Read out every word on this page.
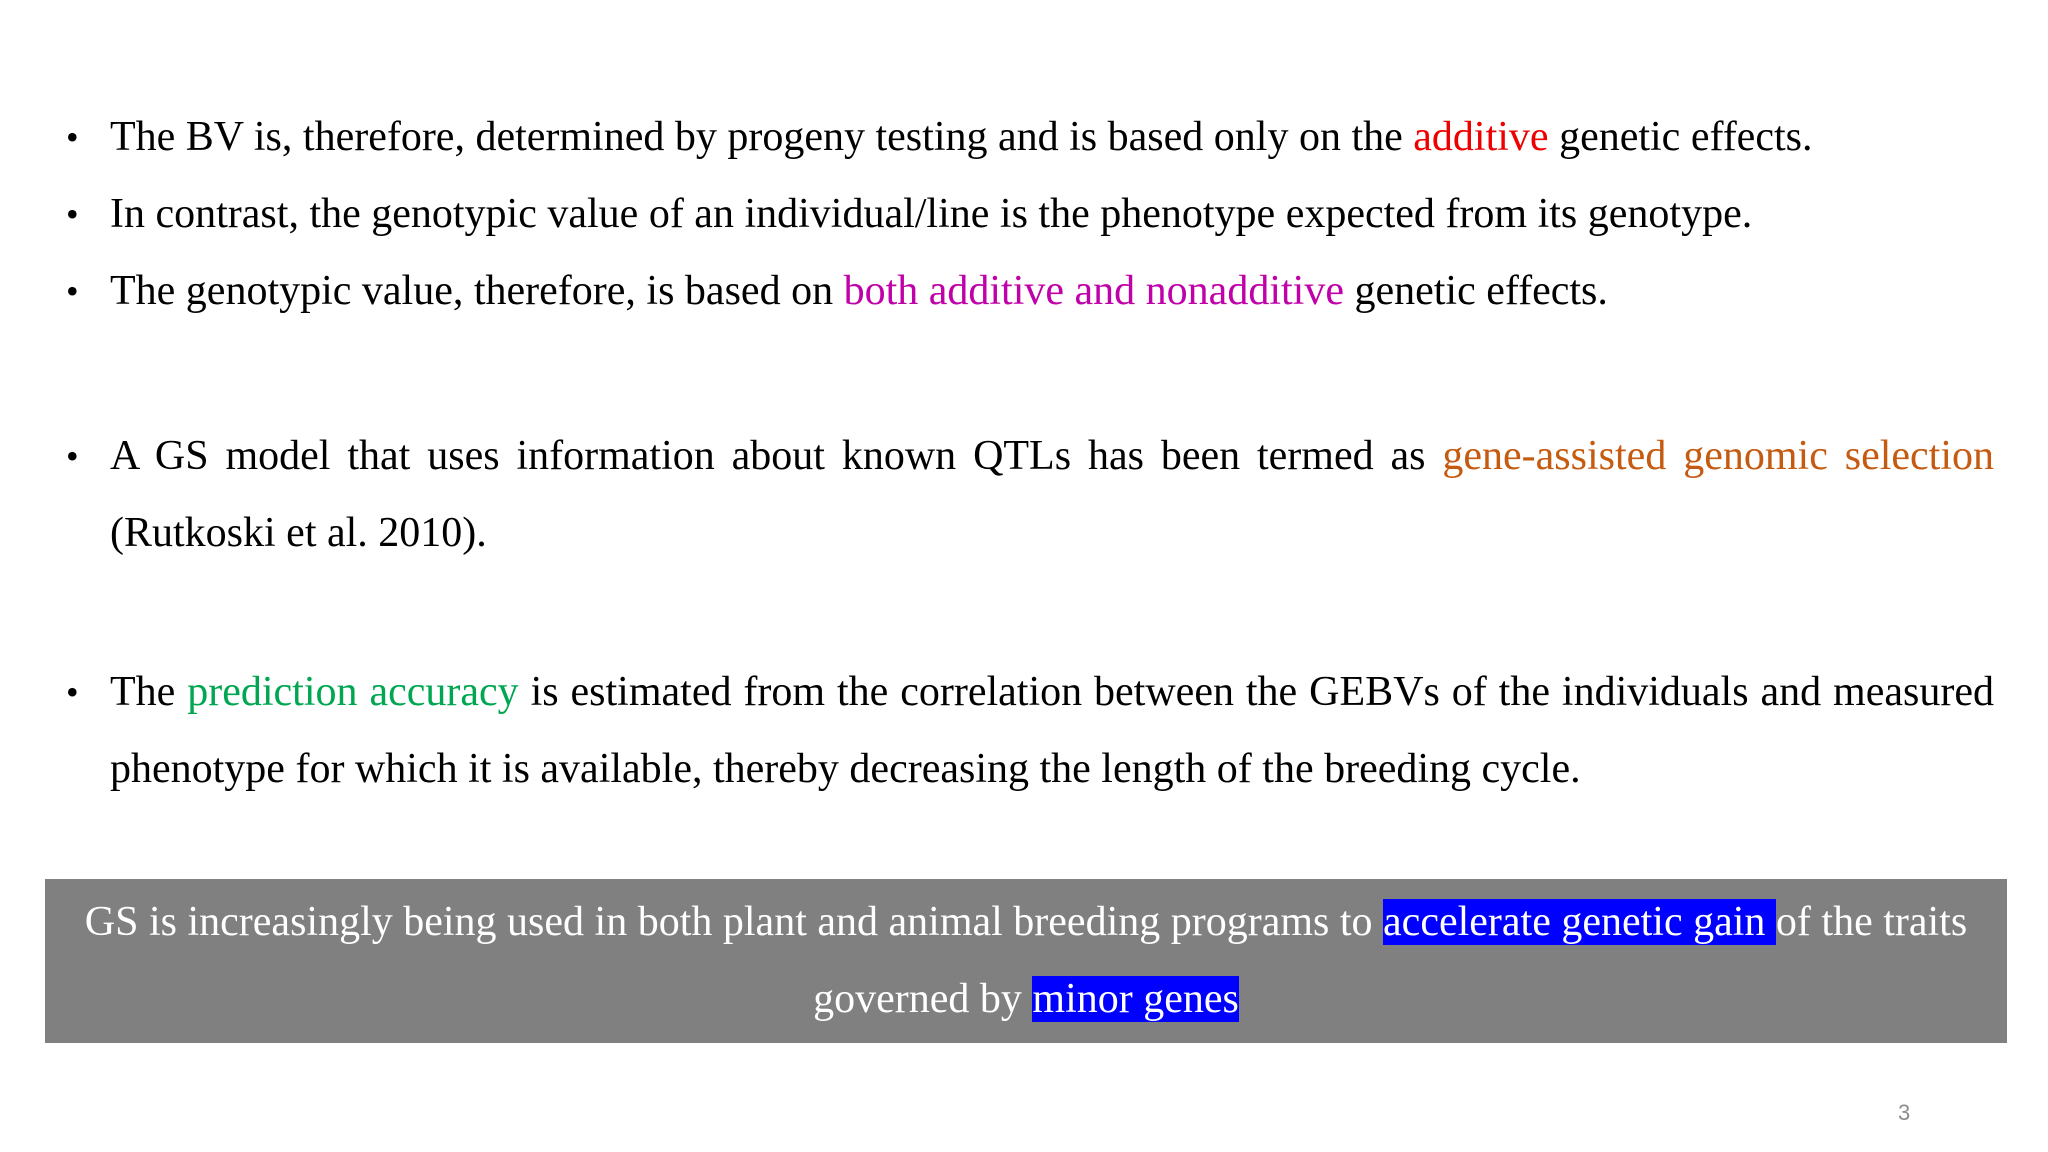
• The BV is, therefore, determined by progeny testing and is based only on the additive genetic effects.
• In contrast, the genotypic value of an individual/line is the phenotype expected from its genotype.
• The genotypic value, therefore, is based on both additive and nonadditive genetic effects.
• A GS model that uses information about known QTLs has been termed as gene-assisted genomic selection (Rutkoski et al. 2010).
• The prediction accuracy is estimated from the correlation between the GEBVs of the individuals and measured phenotype for which it is available, thereby decreasing the length of the breeding cycle.
GS is increasingly being used in both plant and animal breeding programs to accelerate genetic gain of the traits governed by minor genes
3
